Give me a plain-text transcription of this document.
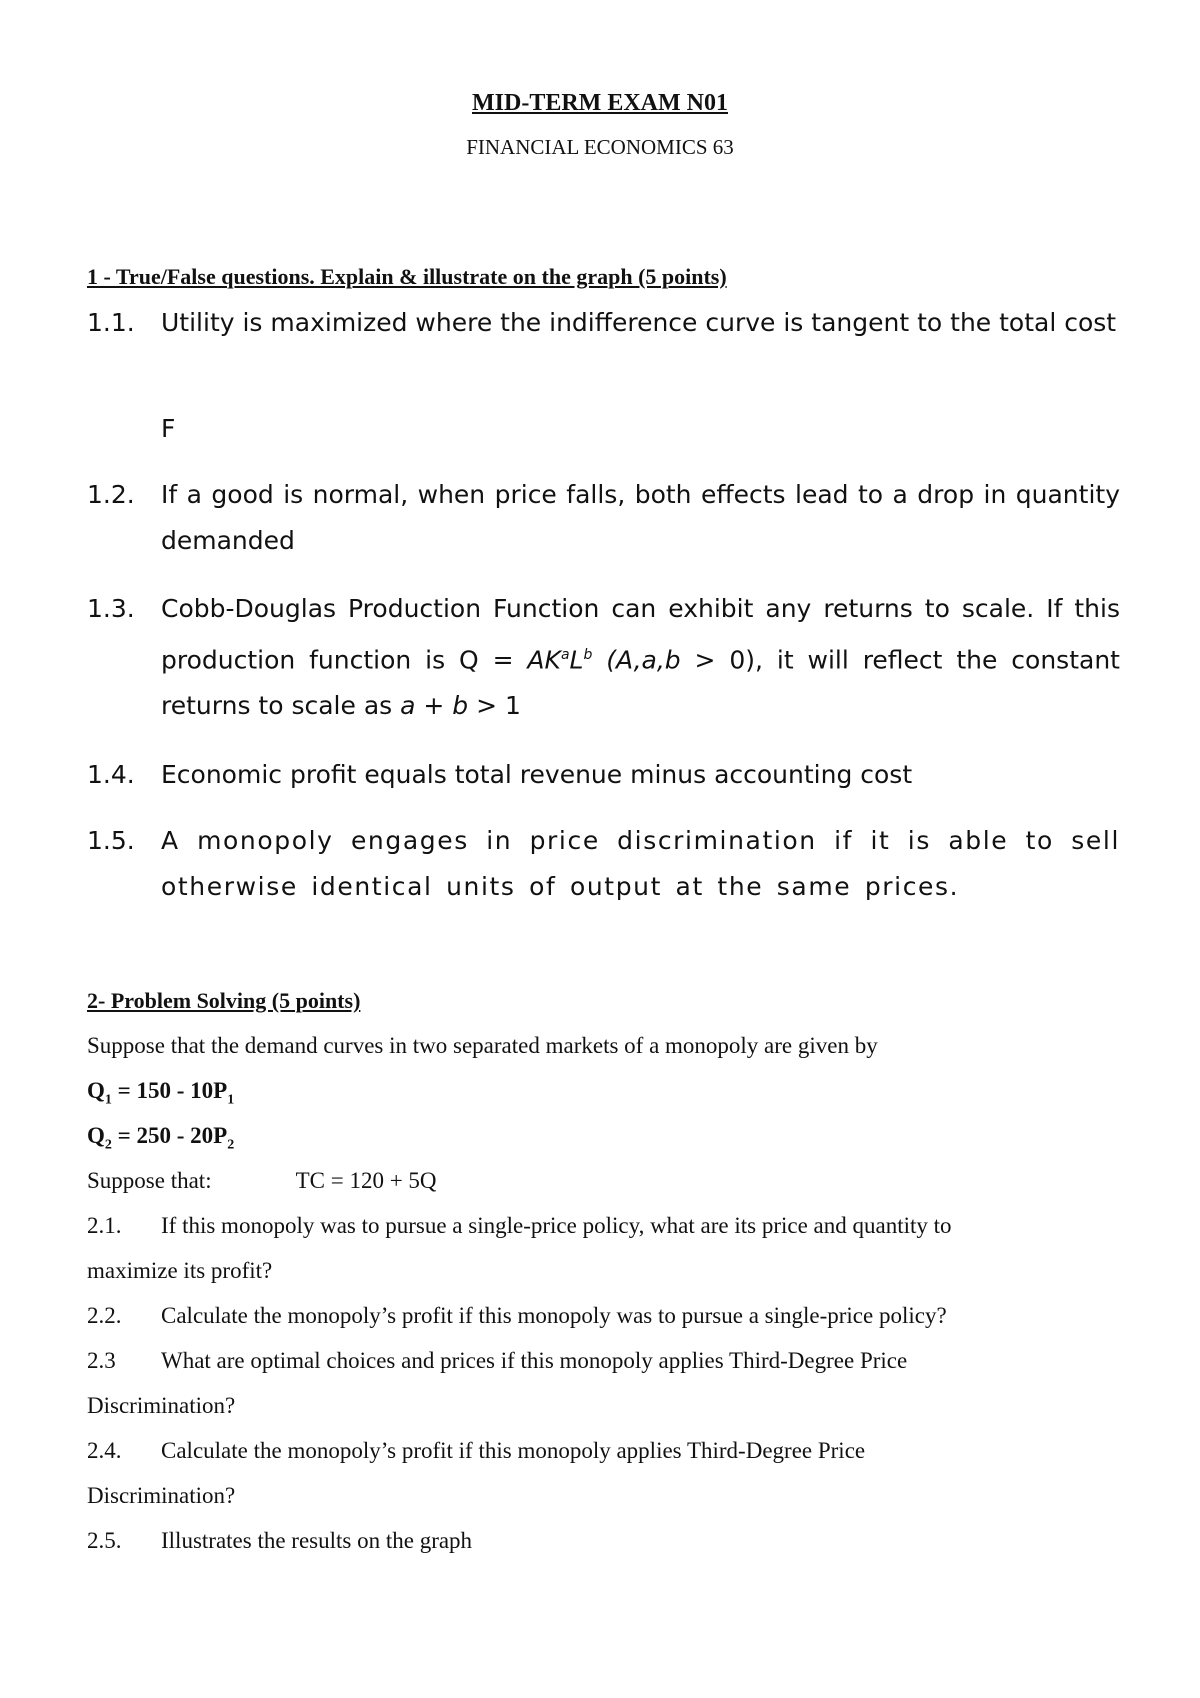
MID-TERM EXAM N01
FINANCIAL ECONOMICS 63
1 - True/False questions. Explain & illustrate on the graph (5 points)
1.1. Utility is maximized where the indifference curve is tangent to the total cost
F
1.2. If a good is normal, when price falls, both effects lead to a drop in quantity demanded
1.3. Cobb-Douglas Production Function can exhibit any returns to scale. If this production function is $Q = AK^aL^b$ (A,a,b > 0), it will reflect the constant returns to scale as a + b > 1
1.4. Economic profit equals total revenue minus accounting cost
1.5. A monopoly engages in price discrimination if it is able to sell otherwise identical units of output at the same prices.
2- Problem Solving (5 points)
Suppose that the demand curves in two separated markets of a monopoly are given by
$Q_1 = 150 - 10P_1$
$Q_2 = 250 - 20P_2$
Suppose that:	TC = 120 + 5Q
2.1. If this monopoly was to pursue a single-price policy, what are its price and quantity to
maximize its profit?
2.2. Calculate the monopoly’s profit if this monopoly was to pursue a single-price policy?
2.3 What are optimal choices and prices if this monopoly applies Third-Degree Price
Discrimination?
2.4. Calculate the monopoly’s profit if this monopoly applies Third-Degree Price
Discrimination?
2.5. Illustrates the results on the graph
